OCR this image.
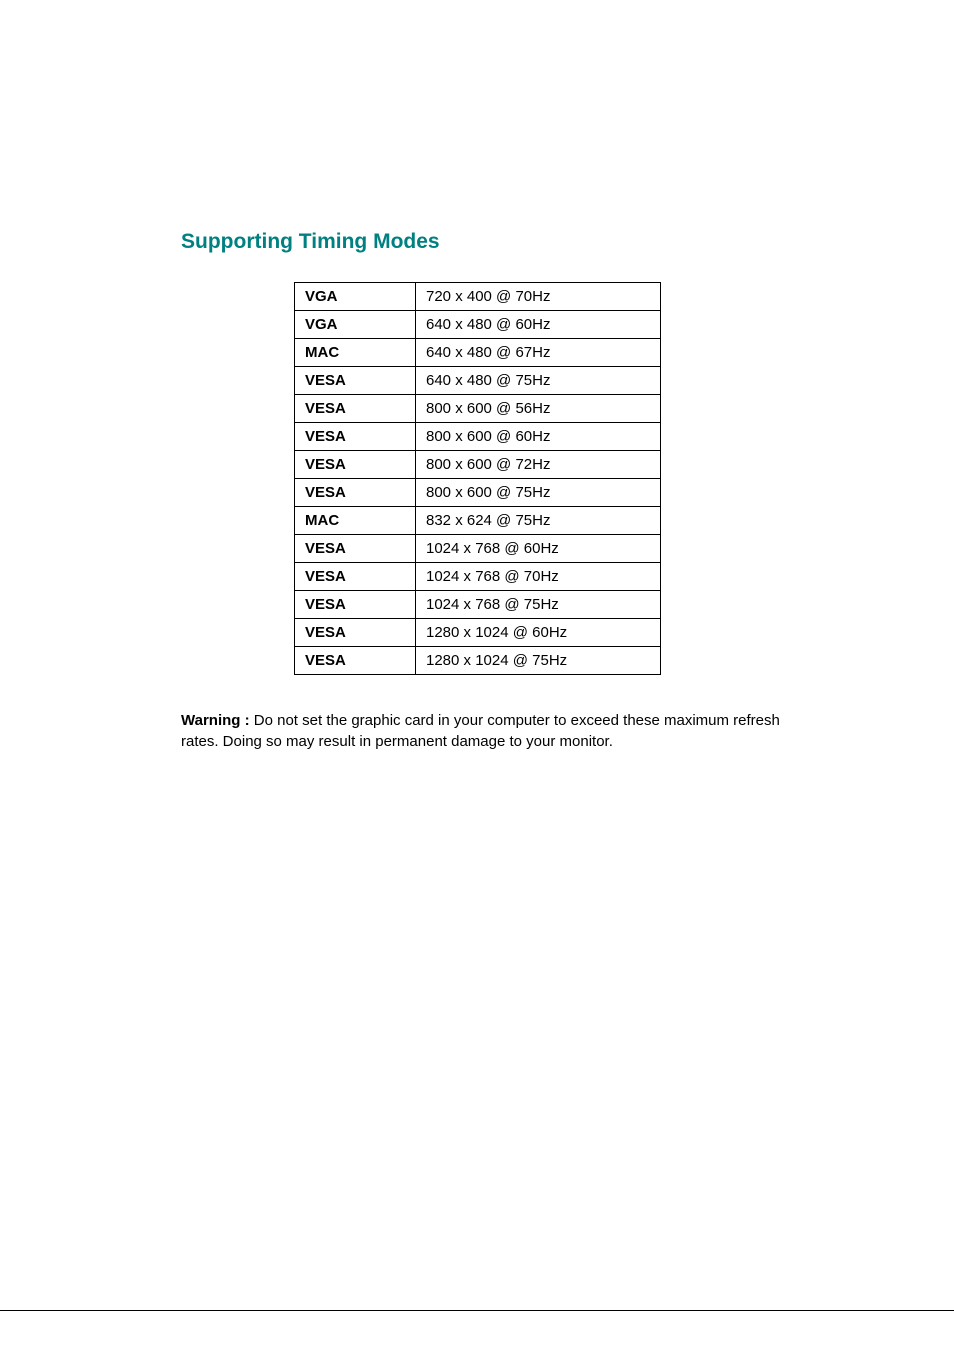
Supporting Timing Modes
VGA	720 x 400 @ 70Hz
VGA	640 x 480 @ 60Hz
MAC	640 x 480 @ 67Hz
VESA	640 x 480 @ 75Hz
VESA	800 x 600 @ 56Hz
VESA	800 x 600 @ 60Hz
VESA	800 x 600 @ 72Hz
VESA	800 x 600 @ 75Hz
MAC	832 x 624 @ 75Hz
VESA	1024 x 768 @ 60Hz
VESA	1024 x 768 @ 70Hz
VESA	1024 x 768 @ 75Hz
VESA	1280 x 1024 @ 60Hz
VESA	1280 x 1024 @ 75Hz

Warning : Do not set the graphic card in your computer to exceed these maximum refresh rates. Doing so may result in permanent damage to your monitor.
